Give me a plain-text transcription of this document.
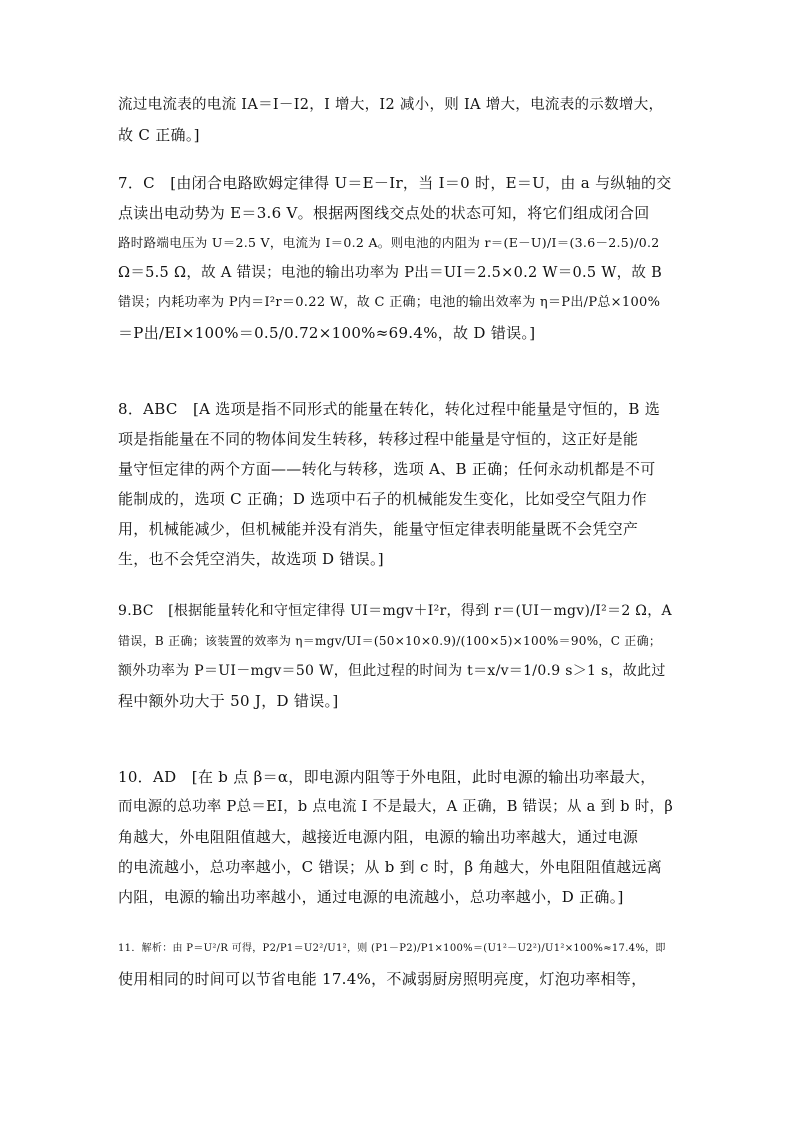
流过电流表的电流 IA＝I－I2，I 增大，I2 减小，则 IA 增大，电流表的示数增大，
故 C 正确。]
7．C　[由闭合电路欧姆定律得 U＝E－Ir，当 I＝0 时，E＝U，由 a 与纵轴的交
点读出电动势为 E＝3.6 V。根据两图线交点处的状态可知，将它们组成闭合回
路时路端电压为 U＝2.5 V，电流为 I＝0.2 A。则电池的内阻为 r＝(E－U)/I＝(3.6－2.5)/0.2
Ω＝5.5 Ω，故 A 错误；电池的输出功率为 P出＝UI＝2.5×0.2 W＝0.5 W，故 B
错误；内耗功率为 P内＝I²r＝0.22 W，故 C 正确；电池的输出效率为 η＝P出/P总×100%
＝P出/EI×100%＝0.5/0.72×100%≈69.4%，故 D 错误。]
8．ABC　[A 选项是指不同形式的能量在转化，转化过程中能量是守恒的，B 选
项是指能量在不同的物体间发生转移，转移过程中能量是守恒的，这正好是能
量守恒定律的两个方面——转化与转移，选项 A、B 正确；任何永动机都是不可
能制成的，选项 C 正确；D 选项中石子的机械能发生变化，比如受空气阻力作
用，机械能减少，但机械能并没有消失，能量守恒定律表明能量既不会凭空产
生，也不会凭空消失，故选项 D 错误。]
9.BC　[根据能量转化和守恒定律得 UI＝mgv＋I²r，得到 r＝(UI－mgv)/I²＝2 Ω，A
错误，B 正确；该装置的效率为 η＝mgv/UI＝(50×10×0.9)/(100×5)×100%＝90%，C 正确；
额外功率为 P＝UI－mgv＝50 W，但此过程的时间为 t＝x/v＝1/0.9 s＞1 s，故此过
程中额外功大于 50 J，D 错误。]
10．AD　[在 b 点 β＝α，即电源内阻等于外电阻，此时电源的输出功率最大，
而电源的总功率 P总＝EI，b 点电流 I 不是最大，A 正确，B 错误；从 a 到 b 时，β
角越大，外电阻阻值越大，越接近电源内阻，电源的输出功率越大，通过电源
的电流越小，总功率越小，C 错误；从 b 到 c 时，β 角越大，外电阻阻值越远离
内阻，电源的输出功率越小，通过电源的电流越小，总功率越小，D 正确。]
11．解析：由 P＝U²/R 可得，P2/P1＝U2²/U1²，则 (P1－P2)/P1×100%＝(U1²－U2²)/U1²×100%≈17.4%，即
使用相同的时间可以节省电能 17.4%，不减弱厨房照明亮度，灯泡功率相等，
